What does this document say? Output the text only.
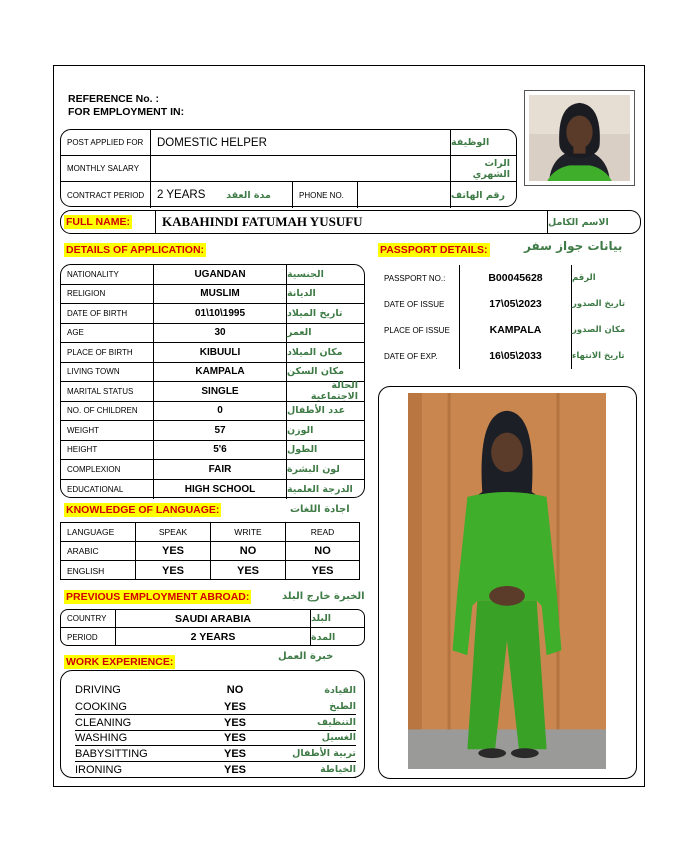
REFERENCE No. :
FOR EMPLOYMENT IN:
POST APPLIED FOR	DOMESTIC HELPER	الوظيفة
MONTHLY SALARY	الرات الشهري
CONTRACT PERIOD	2 YEARS	مدة العقد	PHONE NO.	رقم الهاتف
FULL NAME:	KABAHINDI FATUMAH YUSUFU	الاسم الكامل
DETAILS OF APPLICATION:
NATIONALITY	UGANDAN	الجنسية
RELIGION	MUSLIM	الديانة
DATE OF BIRTH	01\10\1995	تاريخ الميلاد
AGE	30	العمر
PLACE OF BIRTH	KIBUULI	مكان الميلاد
LIVING TOWN	KAMPALA	مكان السكن
MARITAL STATUS	SINGLE	الحالة الاجتماعية
NO. OF CHILDREN	0	عدد الأطفال
WEIGHT	57	الوزن
HEIGHT	5'6	الطول
COMPLEXION	FAIR	لون البشرة
EDUCATIONAL	HIGH SCHOOL	الدرجة العلمية
PASSPORT DETAILS:	بيانات جواز سفر
PASSPORT NO.:	B00045628	الرقم
DATE OF ISSUE	17\05\2023	تاريخ الصدور
PLACE OF ISSUE	KAMPALA	مكان الصدور
DATE OF EXP.	16\05\2033	تاريخ الانتهاء
KNOWLEDGE OF LANGUAGE:	اجادة اللغات
LANGUAGE	SPEAK	WRITE	READ
ARABIC	YES	NO	NO
ENGLISH	YES	YES	YES
PREVIOUS EMPLOYMENT ABROAD:	الخبرة خارج البلد
COUNTRY	SAUDI ARABIA	البلد
PERIOD	2 YEARS	المدة
WORK EXPERIENCE:	خبرة العمل
DRIVING	NO	القيادة
COOKING	YES	الطبخ
CLEANING	YES	التنظيف
WASHING	YES	الغسيل
BABYSITTING	YES	تربية الأطفال
IRONING	YES	الخياطة
